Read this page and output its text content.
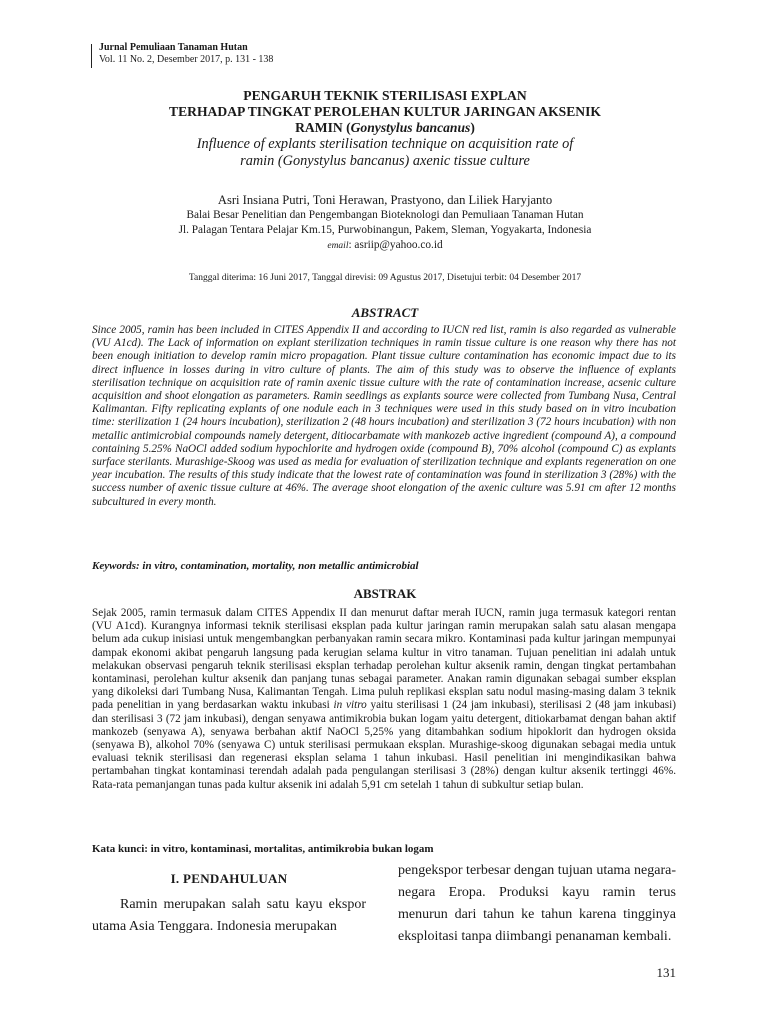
Jurnal Pemuliaan Tanaman Hutan
Vol. 11 No. 2, Desember 2017, p. 131 - 138
PENGARUH TEKNIK STERILISASI EXPLAN
TERHADAP TINGKAT PEROLEHAN KULTUR JARINGAN AKSENIK
RAMIN (Gonystylus bancanus)
Influence of explants sterilisation technique on acquisition rate of
ramin (Gonystylus bancanus) axenic tissue culture
Asri Insiana Putri, Toni Herawan, Prastyono, dan Liliek Haryjanto
Balai Besar Penelitian dan Pengembangan Bioteknologi dan Pemuliaan Tanaman Hutan
Jl. Palagan Tentara Pelajar Km.15, Purwobinangun, Pakem, Sleman, Yogyakarta, Indonesia
email: asriip@yahoo.co.id
Tanggal diterima: 16 Juni 2017, Tanggal direvisi: 09 Agustus 2017, Disetujui terbit: 04 Desember 2017
ABSTRACT
Since 2005, ramin has been included in CITES Appendix II and according to IUCN red list, ramin is also regarded as vulnerable (VU A1cd). The Lack of information on explant sterilization techniques in ramin tissue culture is one reason why there has not been enough initiation to develop ramin micro propagation. Plant tissue culture contamination has economic impact due to its direct influence in losses during in vitro culture of plants. The aim of this study was to observe the influence of explants sterilisation technique on acquisition rate of ramin axenic tissue culture with the rate of contamination increase, acsenic culture acquisition and shoot elongation as parameters. Ramin seedlings as explants source were collected from Tumbang Nusa, Central Kalimantan. Fifty replicating explants of one nodule each in 3 techniques were used in this study based on in vitro incubation time: sterilization 1 (24 hours incubation), sterilization 2 (48 hours incubation) and sterilization 3 (72 hours incubation) with non metallic antimicrobial compounds namely detergent, ditiocarbamate with mankozeb active ingredient (compound A), a compound containing 5.25% NaOCl added sodium hypochlorite and hydrogen oxide (compound B), 70% alcohol (compound C) as explants surface sterilants. Murashige-Skoog was used as media for evaluation of sterilization technique and explants regeneration on one year incubation. The results of this study indicate that the lowest rate of contamination was found in sterilization 3 (28%) with the success number of axenic tissue culture at 46%. The average shoot elongation of the axenic culture was 5.91 cm after 12 months subcultured in every month.
Keywords: in vitro, contamination, mortality, non metallic antimicrobial
ABSTRAK
Sejak 2005, ramin termasuk dalam CITES Appendix II dan menurut daftar merah IUCN, ramin juga termasuk kategori rentan (VU A1cd). Kurangnya informasi teknik sterilisasi eksplan pada kultur jaringan ramin merupakan salah satu alasan mengapa belum ada cukup inisiasi untuk mengembangkan perbanyakan ramin secara mikro. Kontaminasi pada kultur jaringan mempunyai dampak ekonomi akibat pengaruh langsung pada kerugian selama kultur in vitro tanaman. Tujuan penelitian ini adalah untuk melakukan observasi pengaruh teknik sterilisasi eksplan terhadap perolehan kultur aksenik ramin, dengan tingkat pertambahan kontaminasi, perolehan kultur aksenik dan panjang tunas sebagai parameter. Anakan ramin digunakan sebagai sumber eksplan yang dikoleksi dari Tumbang Nusa, Kalimantan Tengah. Lima puluh replikasi eksplan satu nodul masing-masing dalam 3 teknik pada penelitian in yang berdasarkan waktu inkubasi in vitro yaitu sterilisasi 1 (24 jam inkubasi), sterilisasi 2 (48 jam inkubasi) dan sterilisasi 3 (72 jam inkubasi), dengan senyawa antimikrobia bukan logam yaitu detergent, ditiokarbamat dengan bahan aktif mankozeb (senyawa A), senyawa berbahan aktif NaOCl 5,25% yang ditambahkan sodium hipoklorit dan hydrogen oksida (senyawa B), alkohol 70% (senyawa C) untuk sterilisasi permukaan eksplan. Murashige-skoog digunakan sebagai media untuk evaluasi teknik sterilisasi dan regenerasi eksplan selama 1 tahun inkubasi. Hasil penelitian ini mengindikasikan bahwa pertambahan tingkat kontaminasi terendah adalah pada pengulangan sterilisasi 3 (28%) dengan kultur aksenik tertinggi 46%. Rata-rata pemanjangan tunas pada kultur aksenik ini adalah 5,91 cm setelah 1 tahun di subkultur setiap bulan.
Kata kunci: in vitro, kontaminasi, mortalitas, antimikrobia bukan logam
I. PENDAHULUAN
Ramin merupakan salah satu kayu ekspor utama Asia Tenggara. Indonesia merupakan
pengekspor terbesar dengan tujuan utama negara-negara Eropa. Produksi kayu ramin terus menurun dari tahun ke tahun karena tingginya eksploitasi tanpa diimbangi penanaman kembali.
131
